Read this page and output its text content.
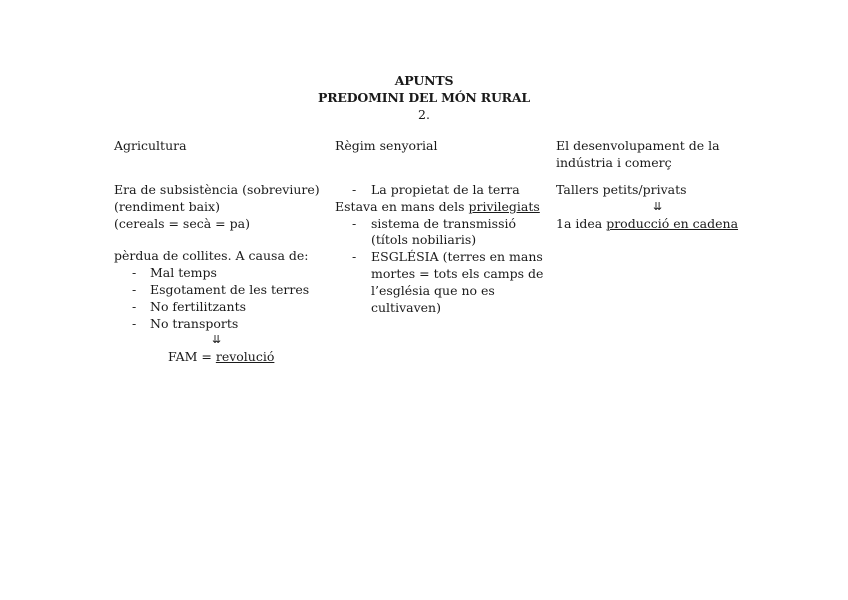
APUNTS
PREDOMINI DEL MÓN RURAL
2.
Agricultura

Era de subsistència (sobreviure)

(rendiment baix)

(cereals = secà = pa)

pèrdua de collites. A causa de:

- Mal temps
- Esgotament de les terres
- No fertilitzants
- No transports
⇊
FAM = revolució
Règim senyorial
- La propietat de la terra

Estava en mans dels privilegiats

- sistema de transmissió
(títols nobiliaris)
- ESGLÉSIA (terres en mans
mortes = tots els camps de
l’església que no es
cultivaven)
El desenvolupament de la
indústria i comerç

Tallers petits/privats

⇊

1a idea producció en cadena
